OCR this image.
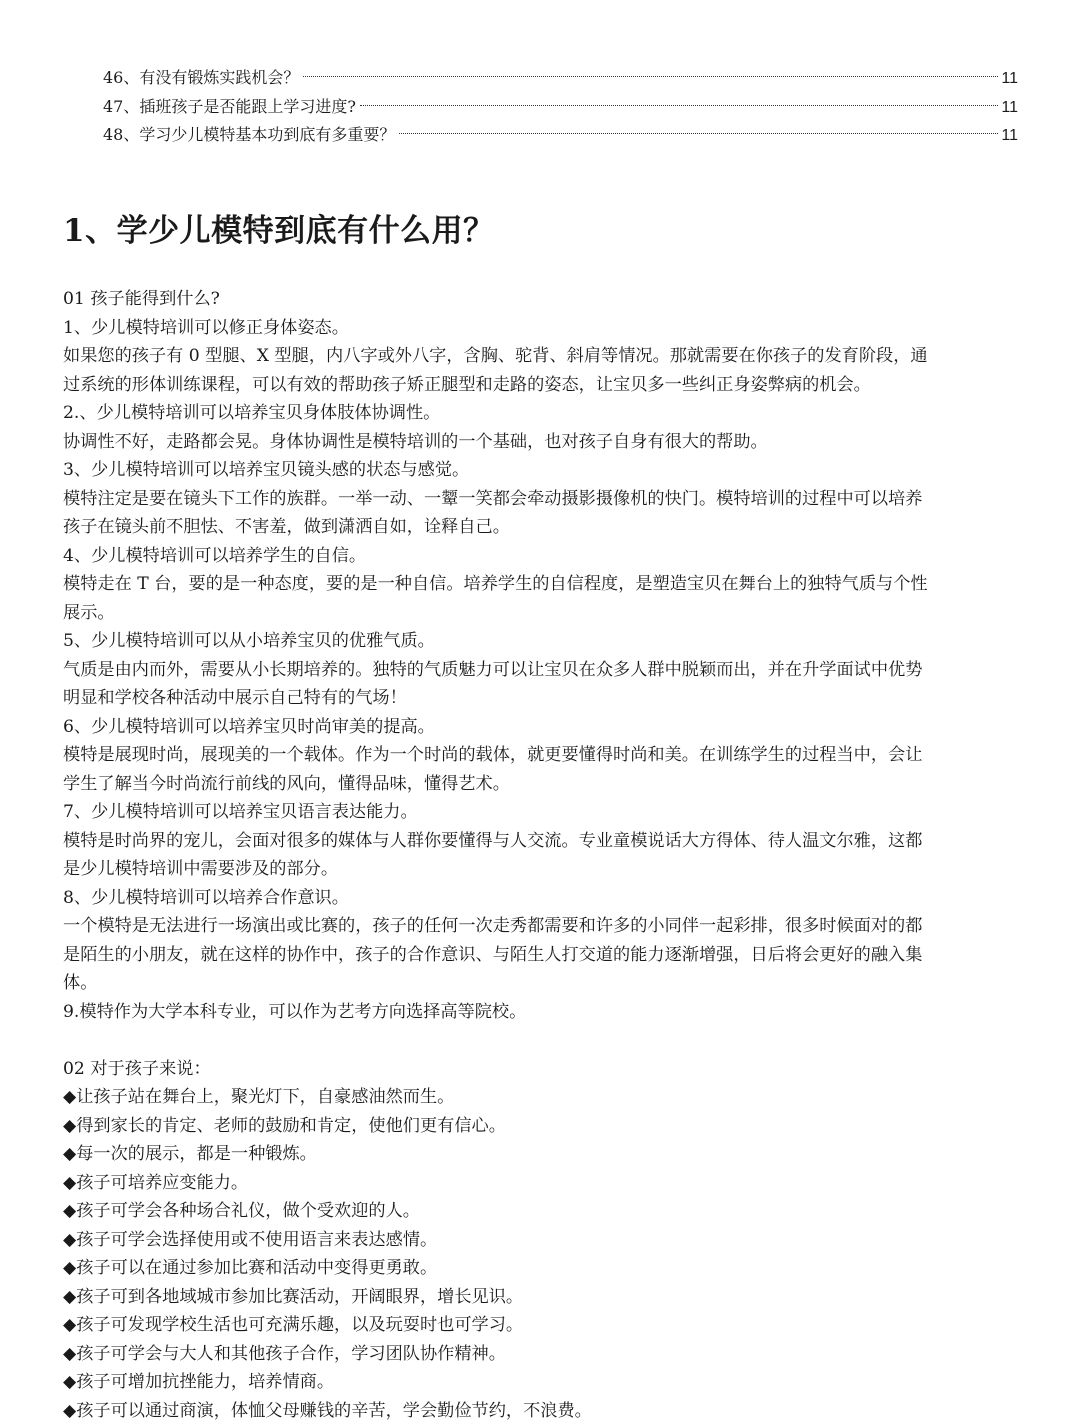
46、有没有锻炼实践机会？	11
47、插班孩子是否能跟上学习进度?	11
48、学习少儿模特基本功到底有多重要？	11
1、学少儿模特到底有什么用？
01 孩子能得到什么?
1、少儿模特培训可以修正身体姿态。
如果您的孩子有 0 型腿、X 型腿，内八字或外八字，含胸、驼背、斜肩等情况。那就需要在你孩子的发育阶段，通
过系统的形体训练课程，可以有效的帮助孩子矫正腿型和走路的姿态，让宝贝多一些纠正身姿弊病的机会。
2.、少儿模特培训可以培养宝贝身体肢体协调性。
协调性不好，走路都会晃。身体协调性是模特培训的一个基础，也对孩子自身有很大的帮助。
3、少儿模特培训可以培养宝贝镜头感的状态与感觉。
模特注定是要在镜头下工作的族群。一举一动、一颦一笑都会牵动摄影摄像机的快门。模特培训的过程中可以培养
孩子在镜头前不胆怯、不害羞，做到潇洒自如，诠释自己。
4、少儿模特培训可以培养学生的自信。
模特走在 T 台，要的是一种态度，要的是一种自信。培养学生的自信程度，是塑造宝贝在舞台上的独特气质与个性
展示。
5、少儿模特培训可以从小培养宝贝的优雅气质。
气质是由内而外，需要从小长期培养的。独特的气质魅力可以让宝贝在众多人群中脱颖而出，并在升学面试中优势
明显和学校各种活动中展示自己特有的气场！
6、少儿模特培训可以培养宝贝时尚审美的提高。
模特是展现时尚，展现美的一个载体。作为一个时尚的载体，就更要懂得时尚和美。在训练学生的过程当中，会让
学生了解当今时尚流行前线的风向，懂得品味，懂得艺术。
7、少儿模特培训可以培养宝贝语言表达能力。
模特是时尚界的宠儿，会面对很多的媒体与人群你要懂得与人交流。专业童模说话大方得体、待人温文尔雅，这都
是少儿模特培训中需要涉及的部分。
8、少儿模特培训可以培养合作意识。
一个模特是无法进行一场演出或比赛的，孩子的任何一次走秀都需要和许多的小同伴一起彩排，很多时候面对的都
是陌生的小朋友，就在这样的协作中，孩子的合作意识、与陌生人打交道的能力逐渐增强，日后将会更好的融入集
体。
9.模特作为大学本科专业，可以作为艺考方向选择高等院校。
02 对于孩子来说：
◆让孩子站在舞台上，聚光灯下，自豪感油然而生。
◆得到家长的肯定、老师的鼓励和肯定，使他们更有信心。
◆每一次的展示，都是一种锻炼。
◆孩子可培养应变能力。
◆孩子可学会各种场合礼仪，做个受欢迎的人。
◆孩子可学会选择使用或不使用语言来表达感情。
◆孩子可以在通过参加比赛和活动中变得更勇敢。
◆孩子可到各地域城市参加比赛活动，开阔眼界，增长见识。
◆孩子可发现学校生活也可充满乐趣，以及玩耍时也可学习。
◆孩子可学会与大人和其他孩子合作，学习团队协作精神。
◆孩子可增加抗挫能力，培养情商。
◆孩子可以通过商演，体恤父母赚钱的辛苦，学会勤俭节约，不浪费。
